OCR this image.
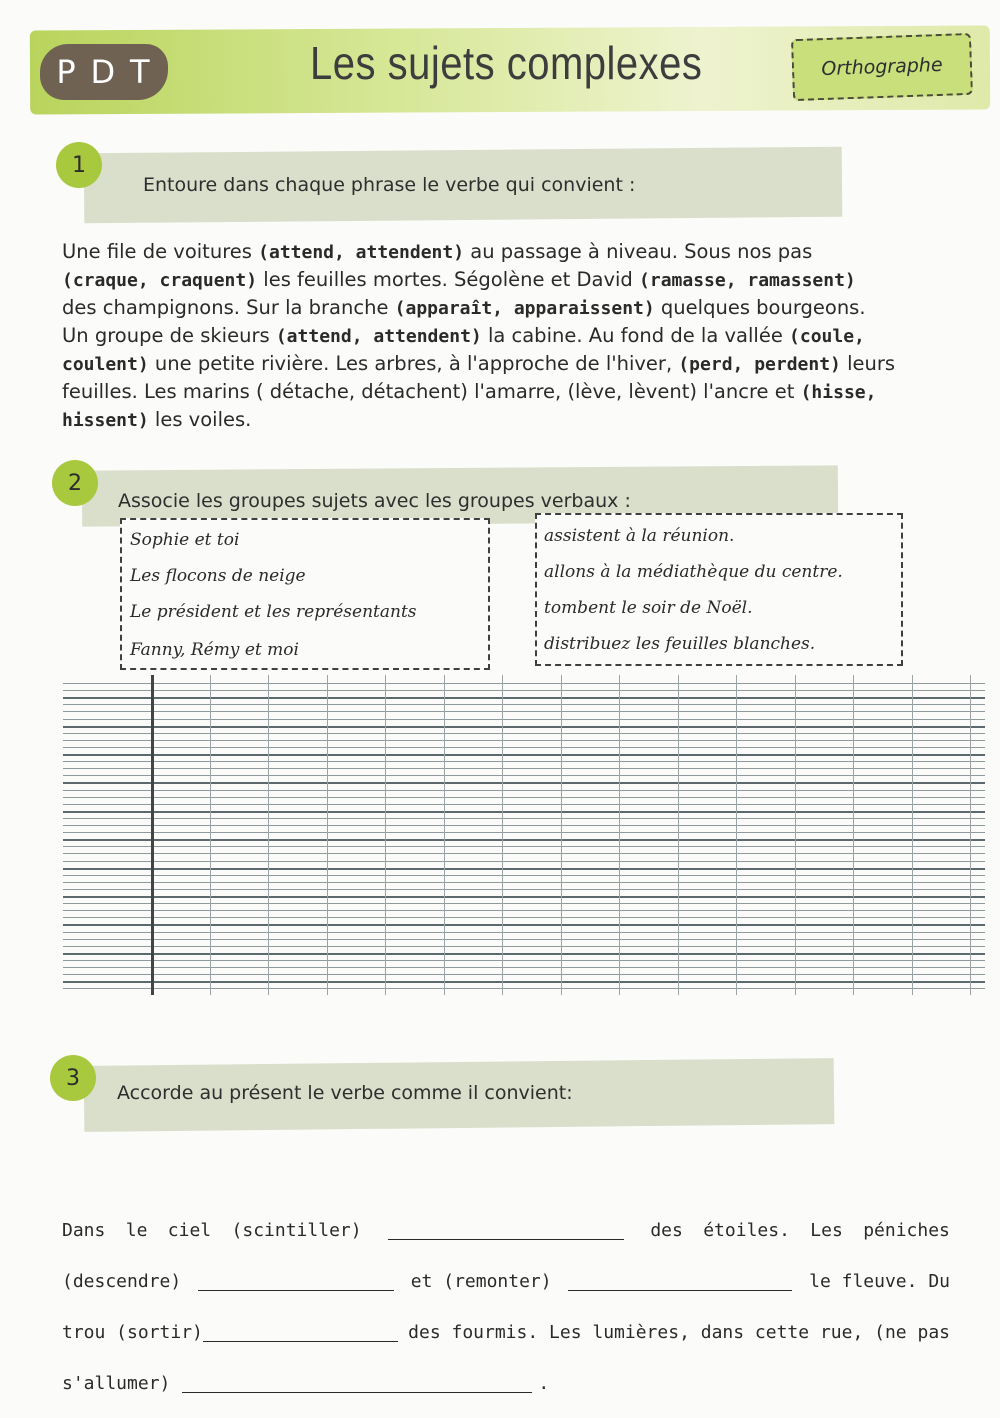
P D T	Les sujets complexes	Orthographe
1
Entoure dans chaque phrase le verbe qui convient :
Une file de voitures (attend, attendent) au passage à niveau. Sous nos pas
(craque, craquent) les feuilles mortes. Ségolène et David (ramasse, ramassent)
des champignons. Sur la branche (apparaît, apparaissent) quelques bourgeons.
Un groupe de skieurs (attend, attendent) la cabine. Au fond de la vallée (coule,
coulent) une petite rivière. Les arbres, à l'approche de l'hiver, (perd, perdent) leurs
feuilles. Les marins ( détache, détachent) l'amarre, (lève, lèvent) l'ancre et (hisse,
hissent) les voiles.
2
Associe les groupes sujets avec les groupes verbaux :
Sophie et toi
Les flocons de neige
Le président et les représentants
Fanny, Rémy et moi
assistent à la réunion.
allons à la médiathèque du centre.
tombent le soir de Noël.
distribuez les feuilles blanches.
3
Accorde au présent le verbe comme il convient:
Dans le ciel (scintiller)	des étoiles. Les péniches
(descendre)	et (remonter)	le fleuve. Du
trou (sortir)	des fourmis. Les lumières, dans cette rue, (ne pas
s'allumer)	.
